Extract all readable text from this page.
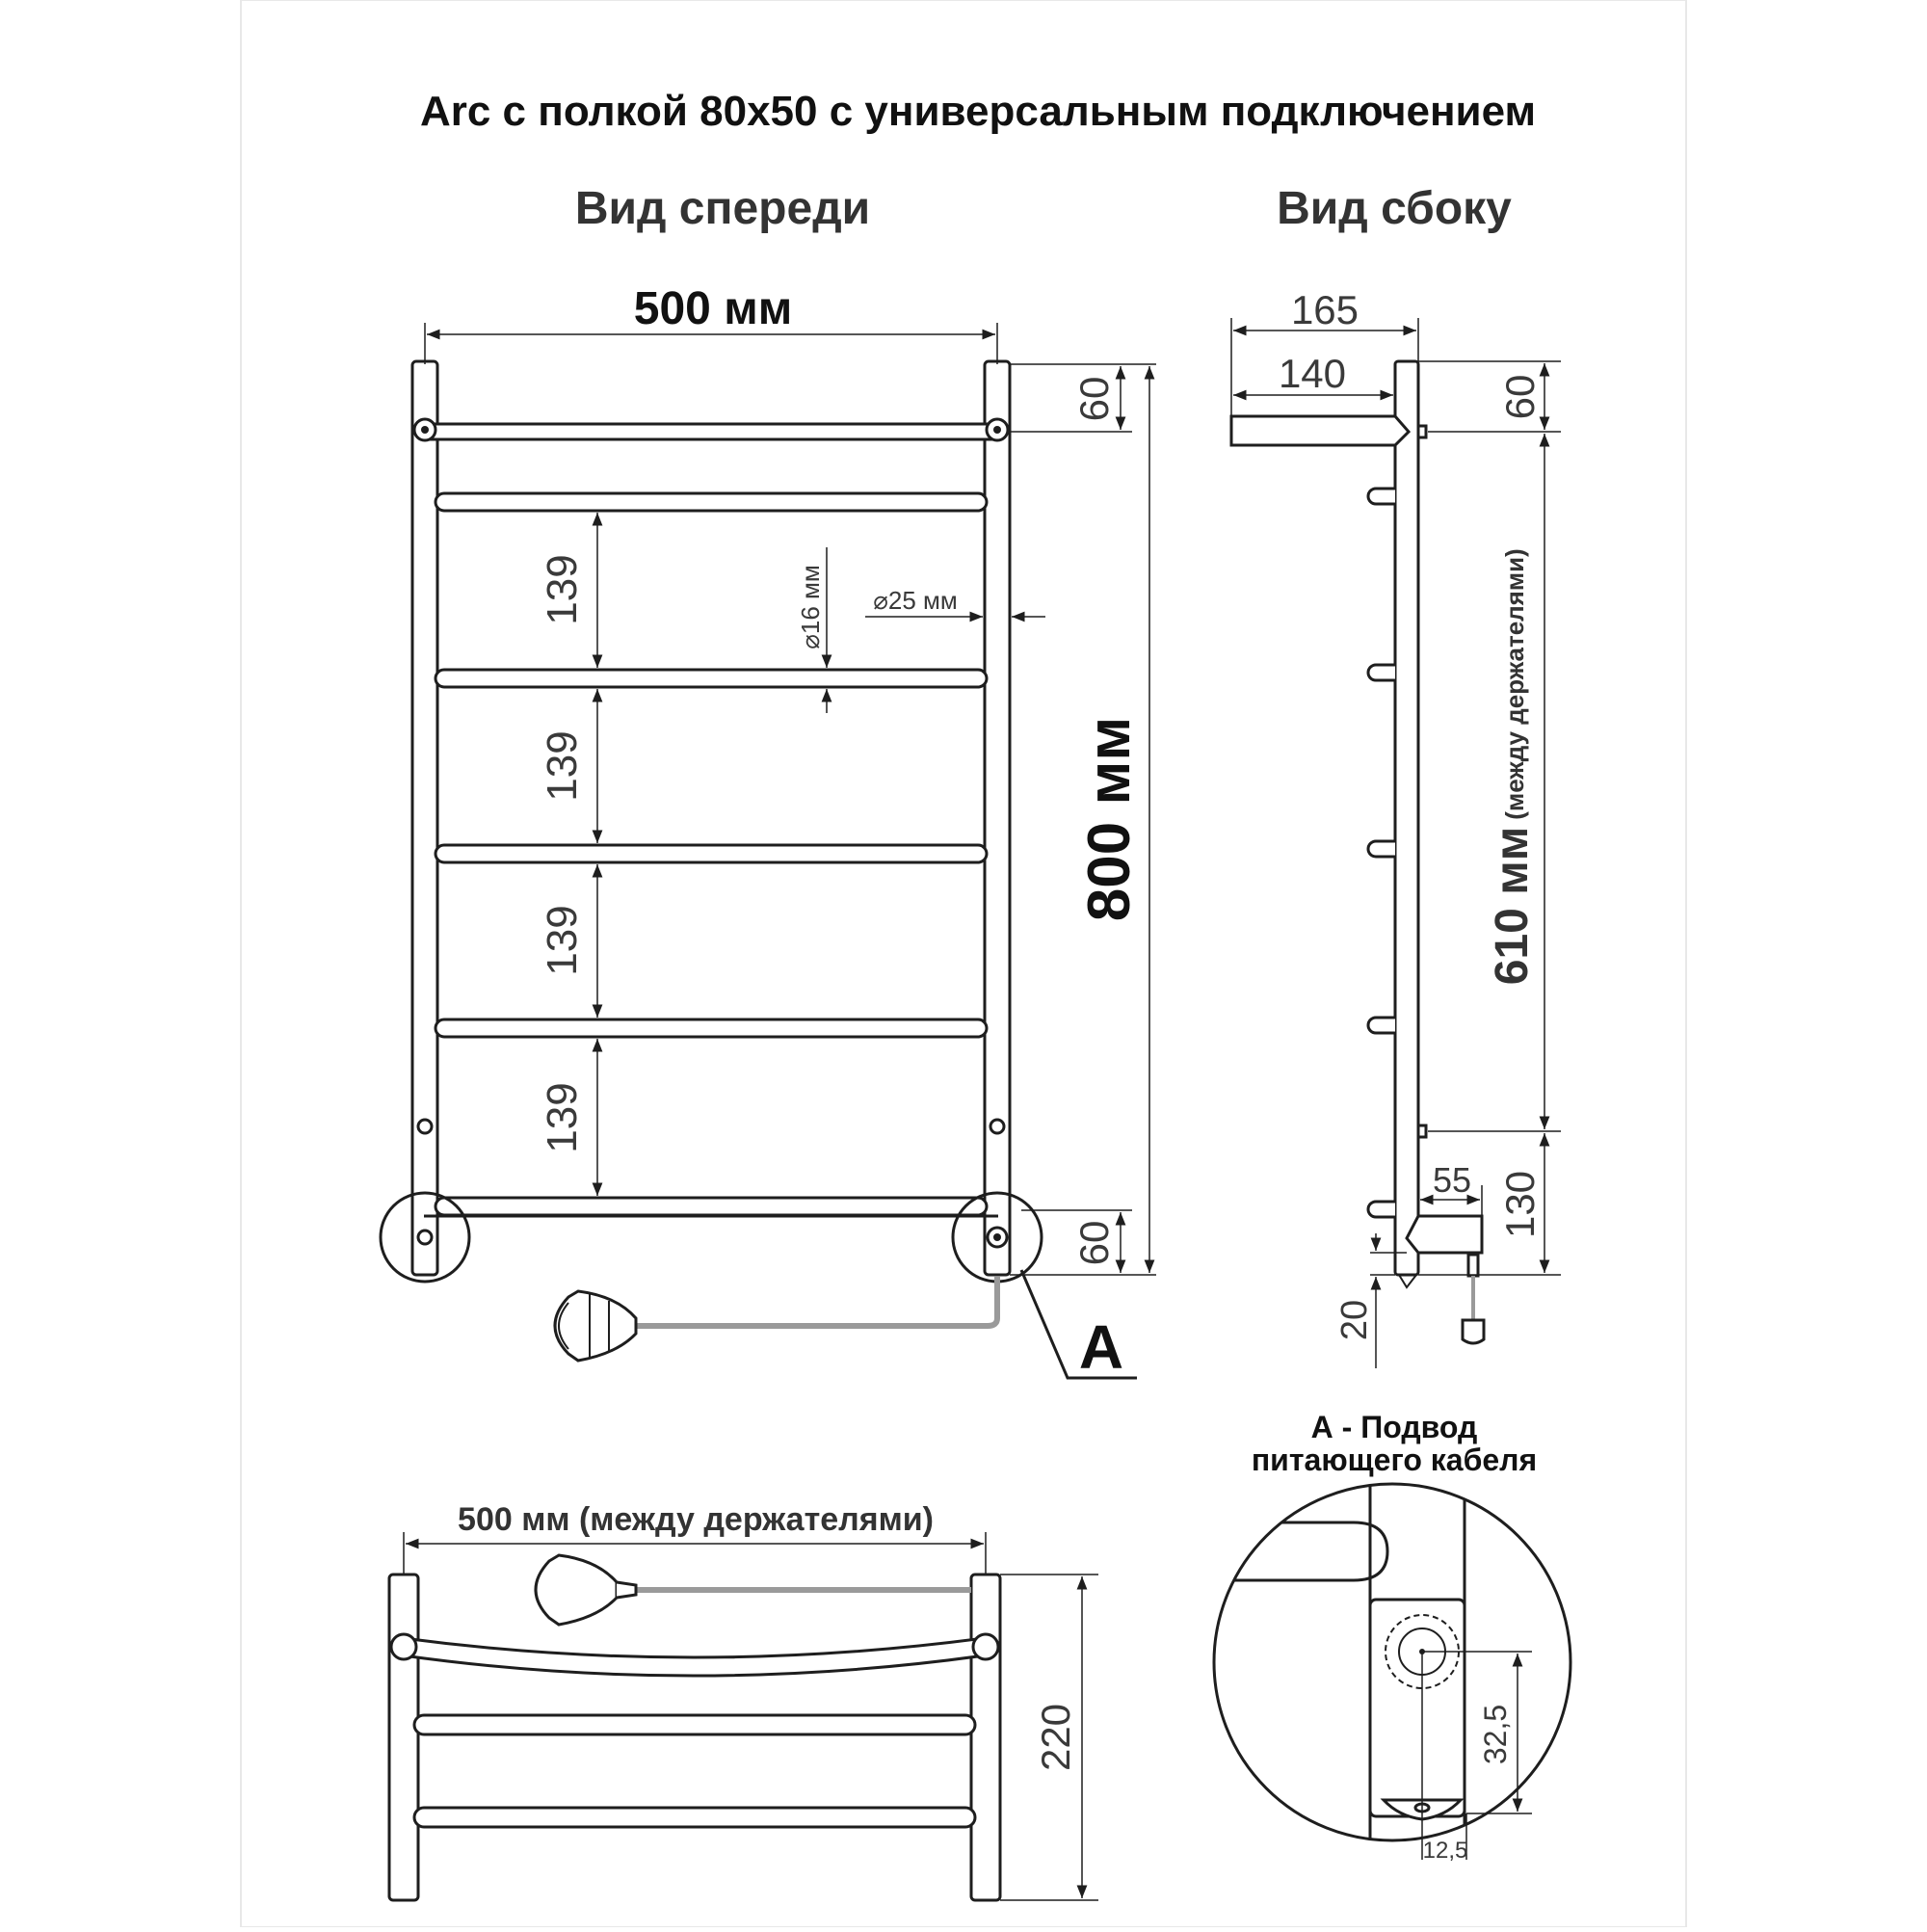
Arc с полкой 80х50 с универсальным подключением
Вид спереди	Вид сбоку
500 мм
60
60
800 мм
139
139
139
139
⌀16 мм ⌀25 мм
А
165
140
60
610 мм
(между держателями)
130
55
20
500 мм (между держателями)
220
А - Подвод
питающего кабеля
32,5
12,5
